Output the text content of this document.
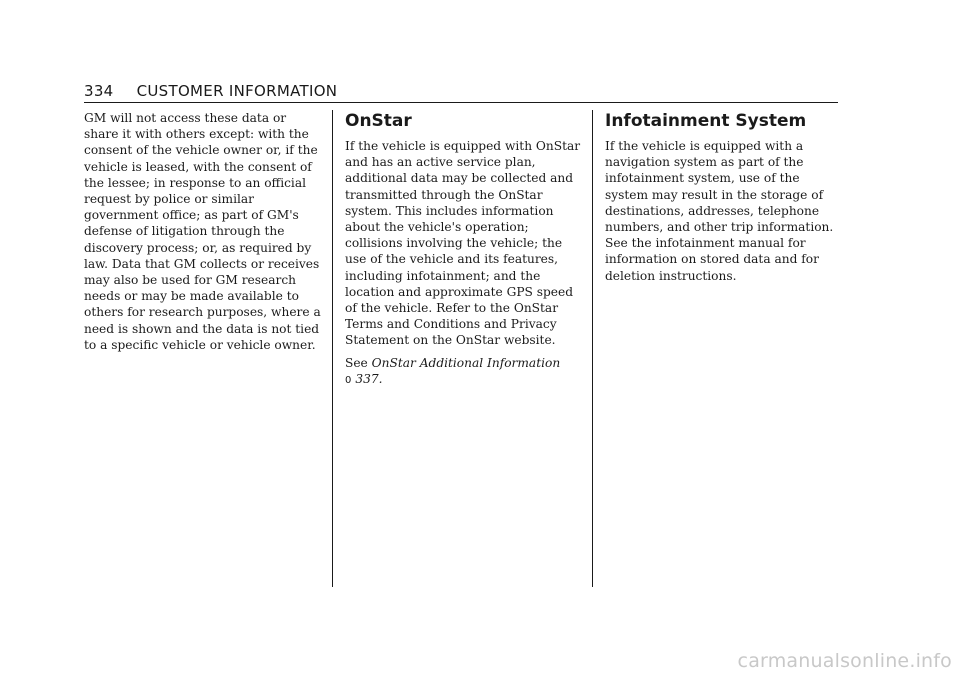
334 CUSTOMER INFORMATION

GM will not access these data or share it with others except: with the consent of the vehicle owner or, if the vehicle is leased, with the consent of the lessee; in response to an official request by police or similar government office; as part of GM's defense of litigation through the discovery process; or, as required by law. Data that GM collects or receives may also be used for GM research needs or may be made available to others for research purposes, where a need is shown and the data is not tied to a specific vehicle or vehicle owner.

OnStar

If the vehicle is equipped with OnStar and has an active service plan, additional data may be collected and transmitted through the OnStar system. This includes information about the vehicle's operation; collisions involving the vehicle; the use of the vehicle and its features, including infotainment; and the location and approximate GPS speed of the vehicle. Refer to the OnStar Terms and Conditions and Privacy Statement on the OnStar website.

See OnStar Additional Information
0 337.

Infotainment System

If the vehicle is equipped with a navigation system as part of the infotainment system, use of the system may result in the storage of destinations, addresses, telephone numbers, and other trip information. See the infotainment manual for information on stored data and for deletion instructions.

carmanualsonline.info
